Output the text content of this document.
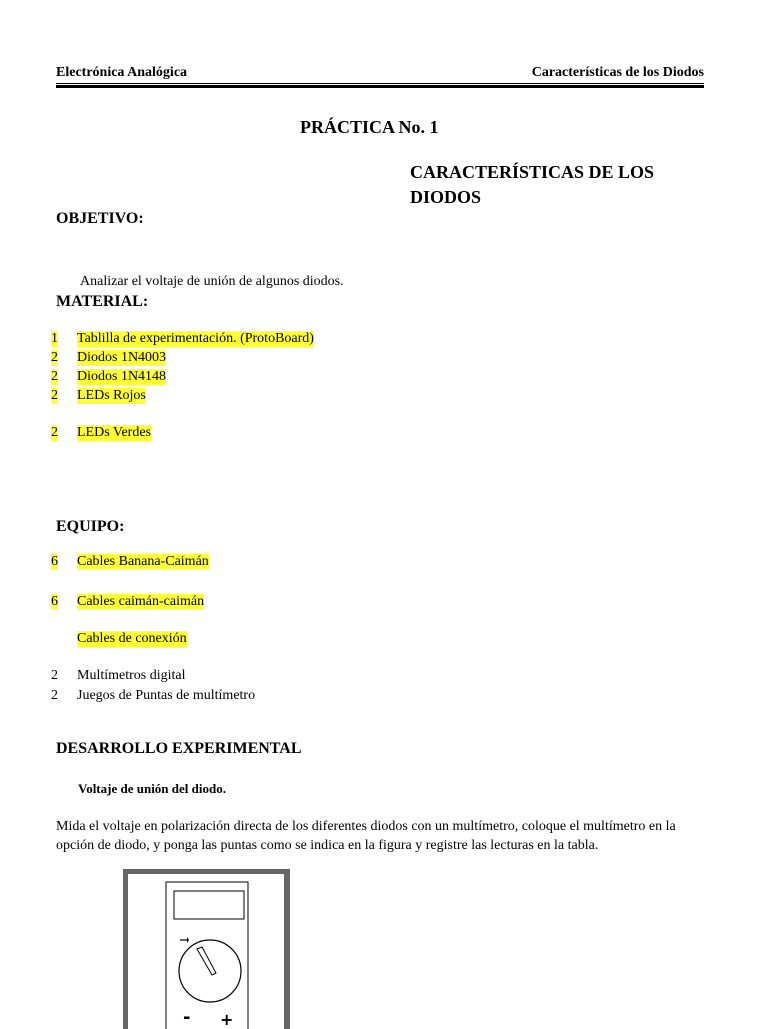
Electrónica Analógica	Características de los Diodos
PRÁCTICA No. 1
CARACTERÍSTICAS DE LOS DIODOS
OBJETIVO:
Analizar el voltaje de unión de algunos diodos.
MATERIAL:
1 Tablilla de experimentación. (ProtoBoard)
2 Diodos 1N4003
2 Diodos 1N4148
2 LEDs Rojos
2 LEDs Verdes
EQUIPO:
6 Cables Banana-Caimán
6 Cables caimán-caimán
Cables de conexión
2 Multímetros digital
2 Juegos de Puntas de multímetro
DESARROLLO EXPERIMENTAL
Voltaje de unión del diodo.
Mida el voltaje en polarización directa de los diferentes diodos con un multímetro, coloque el multímetro en la opción de diodo, y ponga las puntas como se indica en la figura y registre las lecturas en la tabla.
- +
